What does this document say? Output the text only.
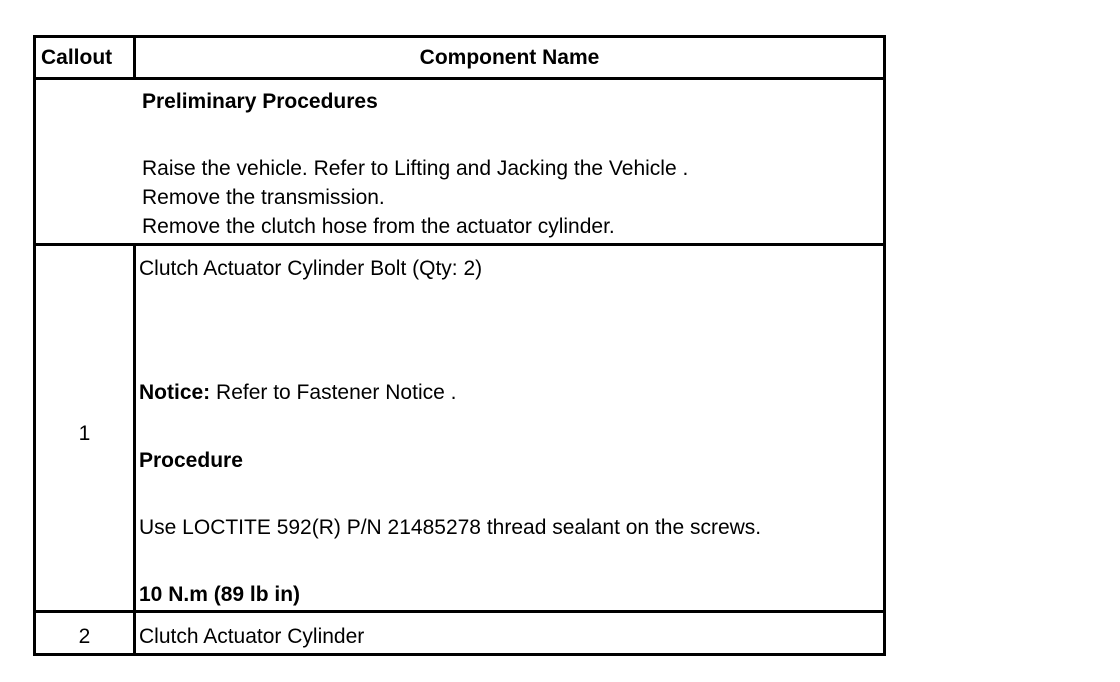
Callout	Component Name
Preliminary Procedures
Raise the vehicle. Refer to Lifting and Jacking the Vehicle .
Remove the transmission.
Remove the clutch hose from the actuator cylinder.
1
Clutch Actuator Cylinder Bolt (Qty: 2)
Notice: Refer to Fastener Notice .
Procedure
Use LOCTITE 592(R) P/N 21485278 thread sealant on the screws.
10 N.m (89 lb in)
2	Clutch Actuator Cylinder
